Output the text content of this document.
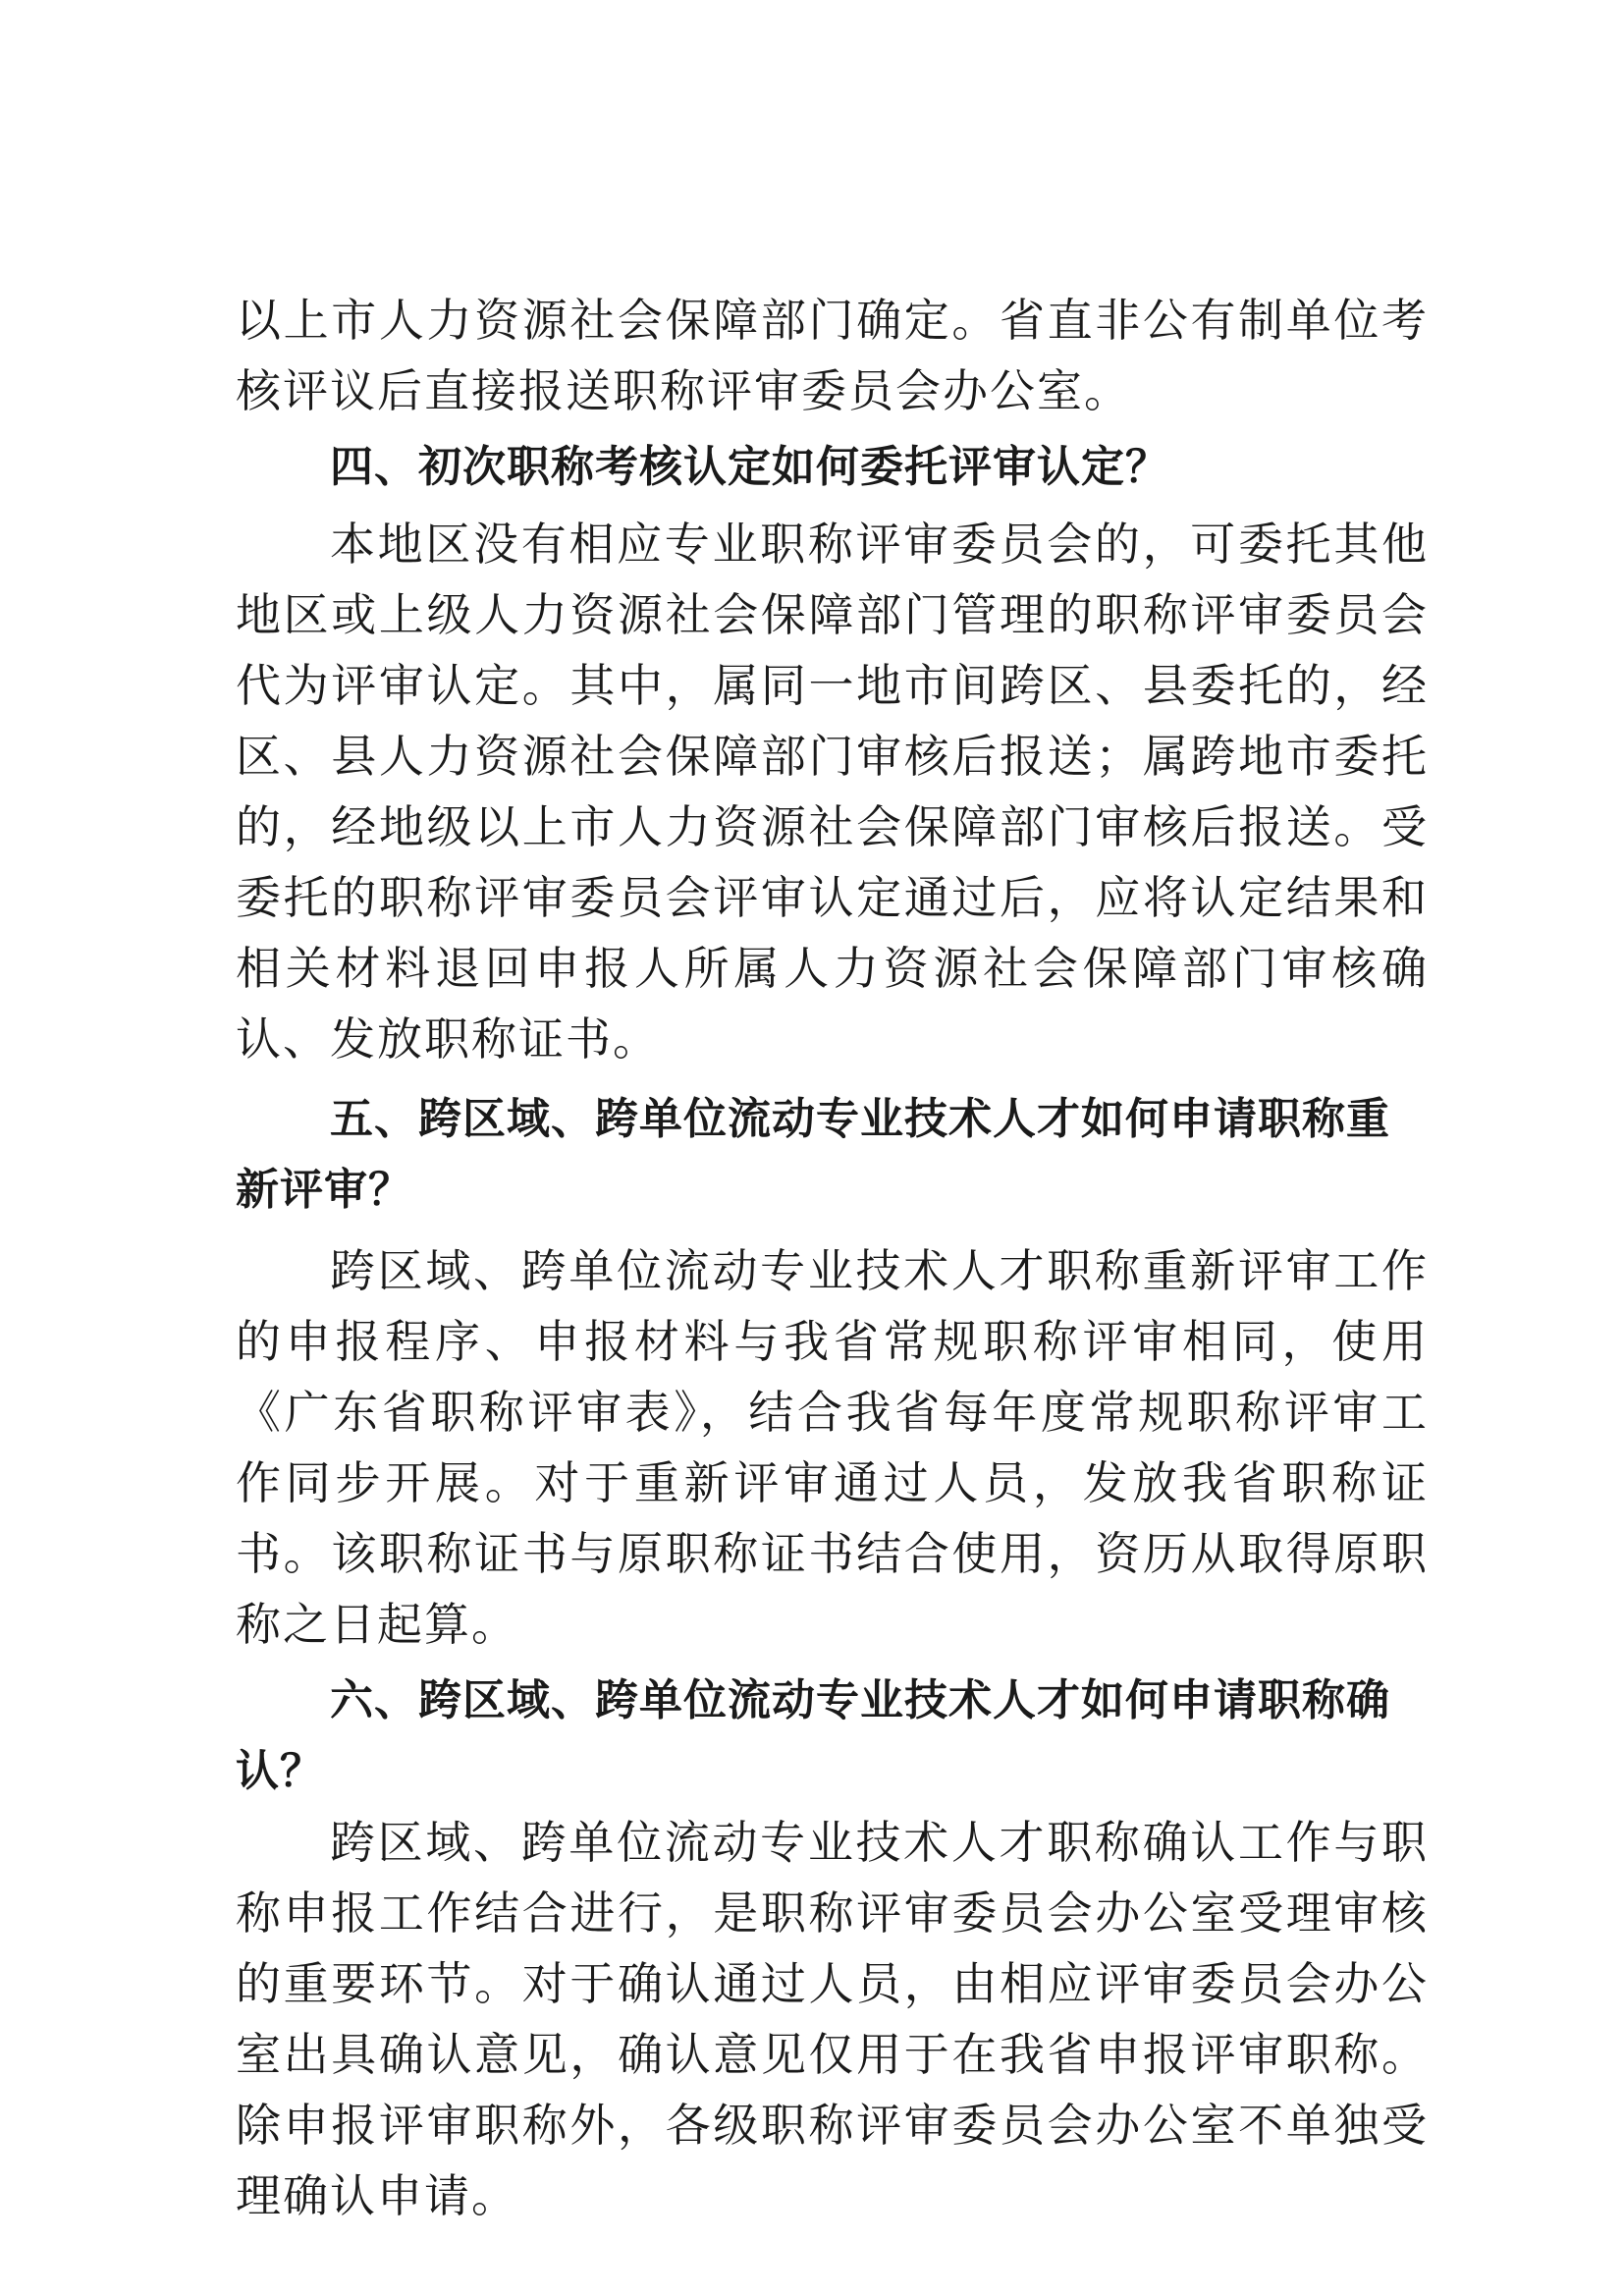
以上市人力资源社会保障部门确定。省直非公有制单位考核评议后直接报送职称评审委员会办公室。

四、初次职称考核认定如何委托评审认定？

本地区没有相应专业职称评审委员会的，可委托其他地区或上级人力资源社会保障部门管理的职称评审委员会代为评审认定。其中，属同一地市间跨区、县委托的，经区、县人力资源社会保障部门审核后报送；属跨地市委托的，经地级以上市人力资源社会保障部门审核后报送。受委托的职称评审委员会评审认定通过后，应将认定结果和相关材料退回申报人所属人力资源社会保障部门审核确认、发放职称证书。

五、跨区域、跨单位流动专业技术人才如何申请职称重新评审？

跨区域、跨单位流动专业技术人才职称重新评审工作的申报程序、申报材料与我省常规职称评审相同，使用《广东省职称评审表》，结合我省每年度常规职称评审工作同步开展。对于重新评审通过人员，发放我省职称证书。该职称证书与原职称证书结合使用，资历从取得原职称之日起算。

六、跨区域、跨单位流动专业技术人才如何申请职称确认？

跨区域、跨单位流动专业技术人才职称确认工作与职称申报工作结合进行，是职称评审委员会办公室受理审核的重要环节。对于确认通过人员，由相应评审委员会办公室出具确认意见，确认意见仅用于在我省申报评审职称。除申报评审职称外，各级职称评审委员会办公室不单独受理确认申请。
